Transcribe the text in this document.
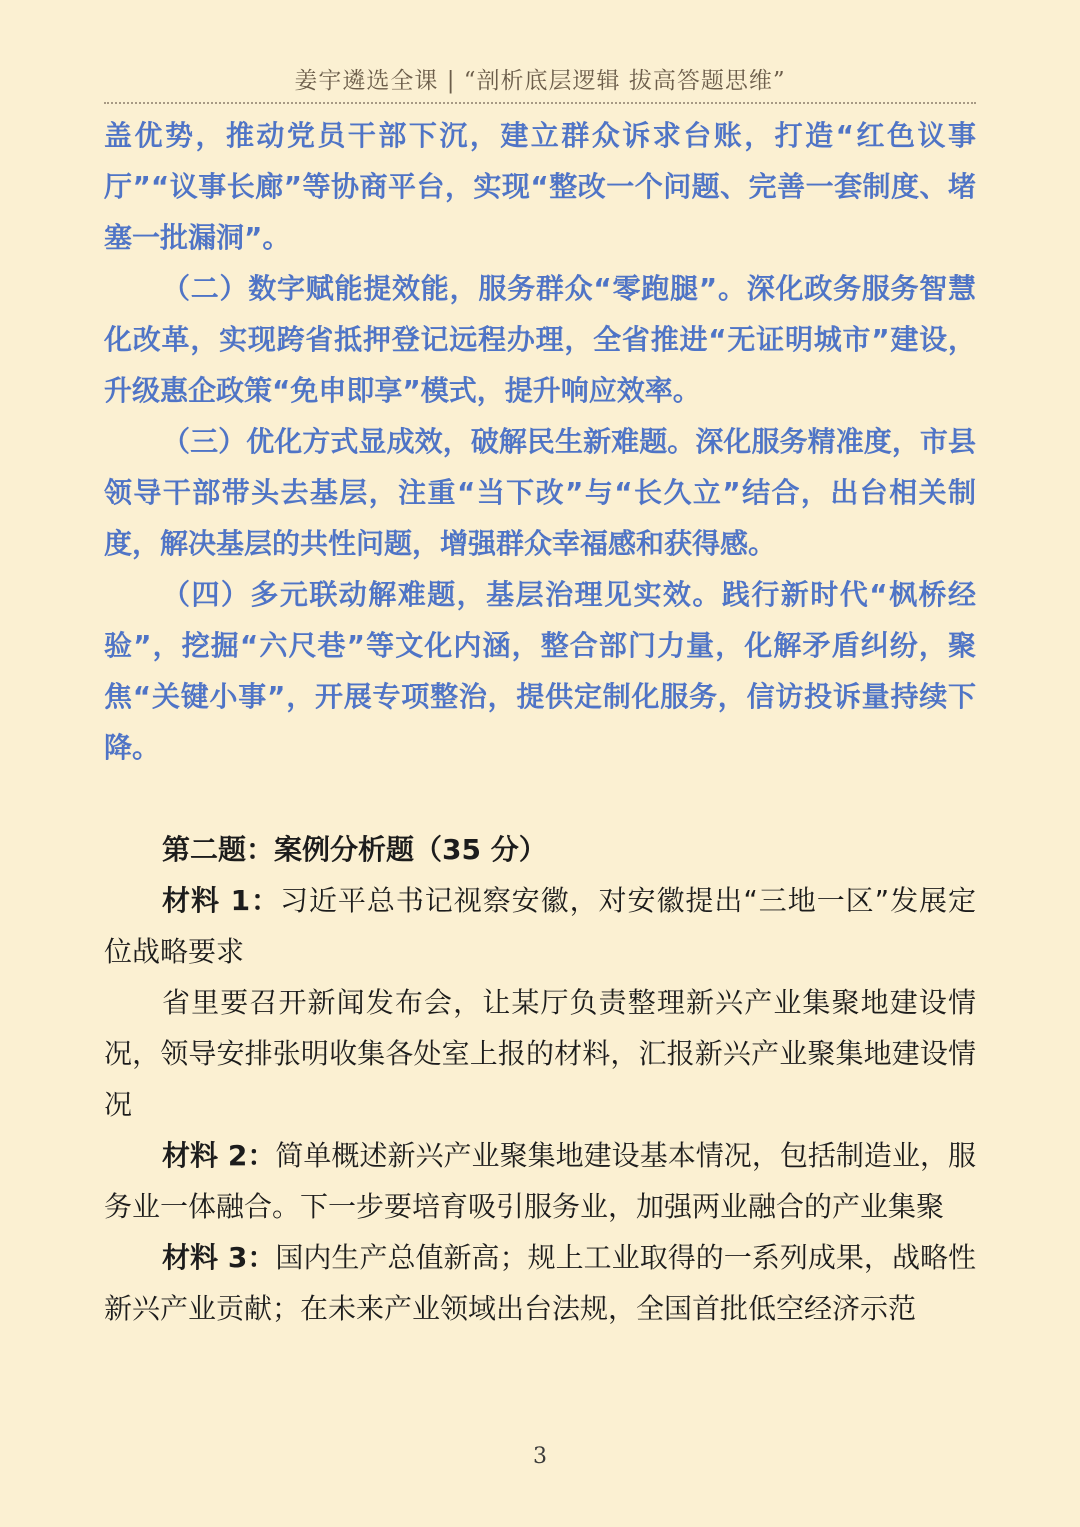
姜宇遴选全课 | “剖析底层逻辑 拔高答题思维”

盖优势，推动党员干部下沉，建立群众诉求台账，打造“红色议事厅”“议事长廊”等协商平台，实现“整改一个问题、完善一套制度、堵塞一批漏洞”。

（二）数字赋能提效能，服务群众“零跑腿”。深化政务服务智慧化改革，实现跨省抵押登记远程办理，全省推进“无证明城市”建设，升级惠企政策“免申即享”模式，提升响应效率。

（三）优化方式显成效，破解民生新难题。深化服务精准度，市县领导干部带头去基层，注重“当下改”与“长久立”结合，出台相关制度，解决基层的共性问题，增强群众幸福感和获得感。

（四）多元联动解难题，基层治理见实效。践行新时代“枫桥经验”，挖掘“六尺巷”等文化内涵，整合部门力量，化解矛盾纠纷，聚焦“关键小事”，开展专项整治，提供定制化服务，信访投诉量持续下降。

第二题：案例分析题（35 分）

材料 1：习近平总书记视察安徽，对安徽提出“三地一区”发展定位战略要求

省里要召开新闻发布会，让某厅负责整理新兴产业集聚地建设情况，领导安排张明收集各处室上报的材料，汇报新兴产业聚集地建设情况

材料 2：简单概述新兴产业聚集地建设基本情况，包括制造业，服务业一体融合。下一步要培育吸引服务业，加强两业融合的产业集聚

材料 3：国内生产总值新高；规上工业取得的一系列成果，战略性新兴产业贡献；在未来产业领域出台法规，全国首批低空经济示范

3
